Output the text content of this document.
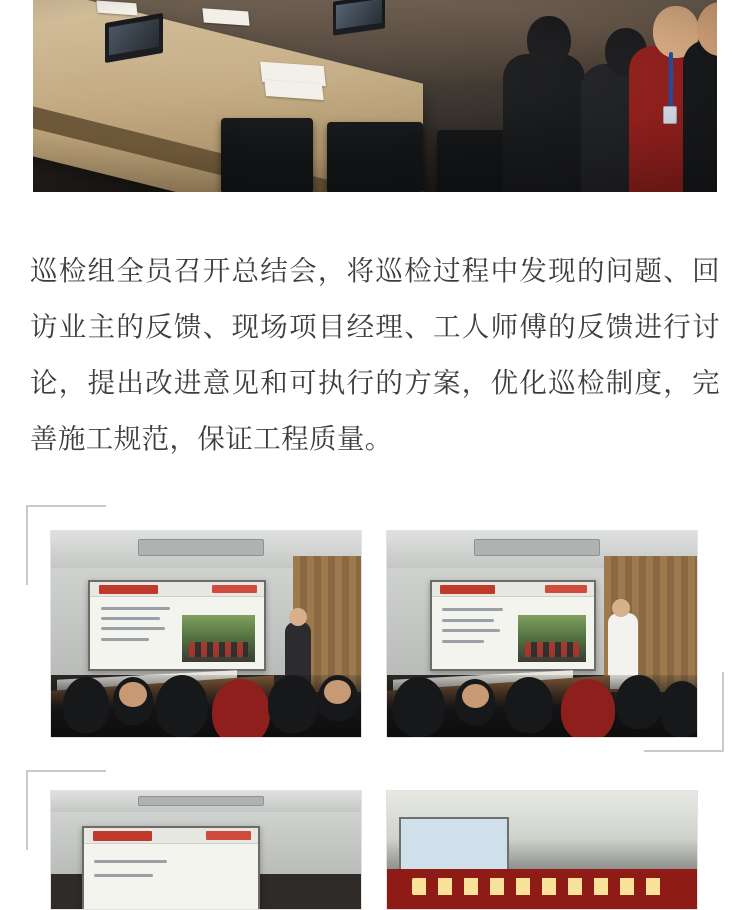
巡检组全员召开总结会，将巡检过程中发现的问题、回访业主的反馈、现场项目经理、工人师傅的反馈进行讨论，提出改进意见和可执行的方案，优化巡检制度，完善施工规范，保证工程质量。
